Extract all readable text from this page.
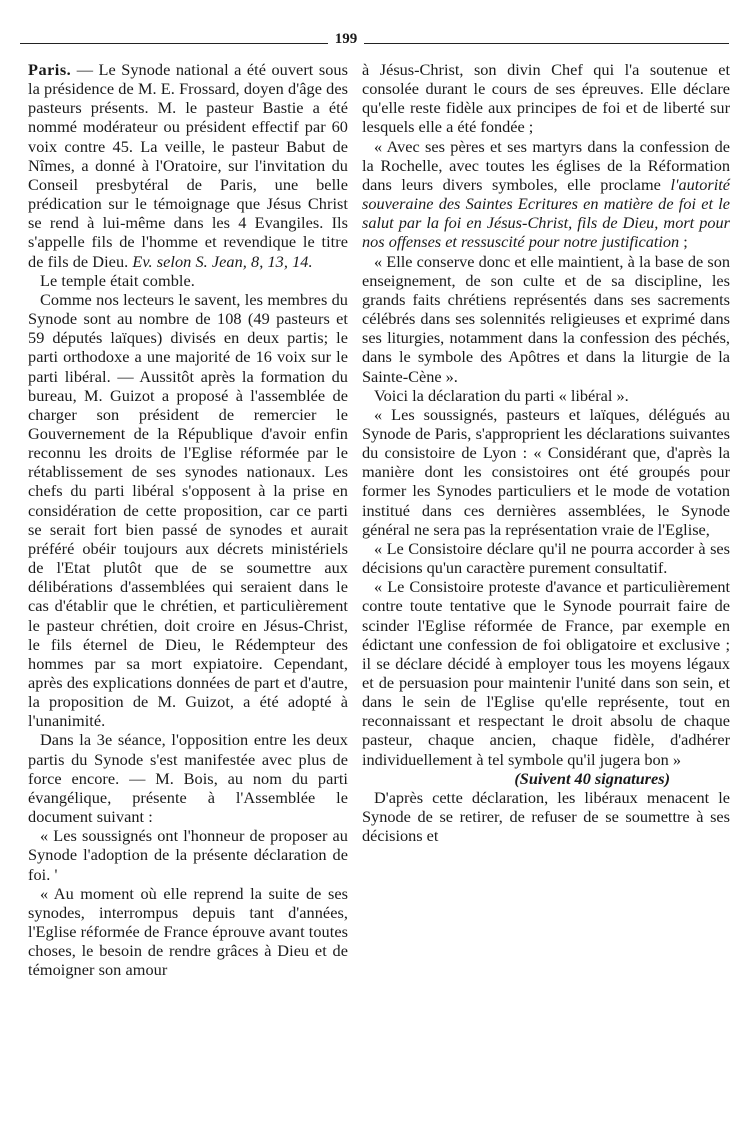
199

Paris. — Le Synode national a été ouvert sous la présidence de M. E. Frossard, doyen d'âge des pasteurs présents. M. le pasteur Bastie a été nommé modérateur ou président effectif par 60 voix contre 45. La veille, le pasteur Babut de Nîmes, a donné à l'Oratoire, sur l'invitation du Conseil presbytéral de Paris, une belle prédication sur le témoignage que Jésus Christ se rend à lui-même dans les 4 Evangiles. Ils s'appelle fils de l'homme et revendique le titre de fils de Dieu. Ev. selon S. Jean, 8, 13, 14.

Le temple était comble.

Comme nos lecteurs le savent, les membres du Synode sont au nombre de 108 (49 pasteurs et 59 députés laïques) divisés en deux partis; le parti orthodoxe a une majorité de 16 voix sur le parti libéral. — Aussitôt après la formation du bureau, M. Guizot a proposé à l'assemblée de charger son président de remercier le Gouvernement de la République d'avoir enfin reconnu les droits de l'Eglise réformée par le rétablissement de ses synodes nationaux. Les chefs du parti libéral s'opposent à la prise en considération de cette proposition, car ce parti se serait fort bien passé de synodes et aurait préféré obéir toujours aux décrets ministériels de l'Etat plutôt que de se soumettre aux délibérations d'assemblées qui seraient dans le cas d'établir que le chrétien, et particulièrement le pasteur chrétien, doit croire en Jésus-Christ, le fils éternel de Dieu, le Rédempteur des hommes par sa mort expiatoire. Cependant, après des explications données de part et d'autre, la proposition de M. Guizot, a été adopté à l'unanimité.

Dans la 3e séance, l'opposition entre les deux partis du Synode s'est manifestée avec plus de force encore. — M. Bois, au nom du parti évangélique, présente à l'Assemblée le document suivant :

« Les soussignés ont l'honneur de proposer au Synode l'adoption de la présente déclaration de foi. '

« Au moment où elle reprend la suite de ses synodes, interrompus depuis tant d'années, l'Eglise réformée de France éprouve avant toutes choses, le besoin de rendre grâces à Dieu et de témoigner son amour

à Jésus-Christ, son divin Chef qui l'a soutenue et consolée durant le cours de ses épreuves. Elle déclare qu'elle reste fidèle aux principes de foi et de liberté sur lesquels elle a été fondée ;

« Avec ses pères et ses martyrs dans la confession de la Rochelle, avec toutes les églises de la Réformation dans leurs divers symboles, elle proclame l'autorité souveraine des Saintes Ecritures en matière de foi et le salut par la foi en Jésus-Christ, fils de Dieu, mort pour nos offenses et ressuscité pour notre justification ;

« Elle conserve donc et elle maintient, à la base de son enseignement, de son culte et de sa discipline, les grands faits chrétiens représentés dans ses sacrements célébrés dans ses solennités religieuses et exprimé dans ses liturgies, notamment dans la confession des péchés, dans le symbole des Apôtres et dans la liturgie de la Sainte-Cène ».

Voici la déclaration du parti « libéral ».

« Les soussignés, pasteurs et laïques, délégués au Synode de Paris, s'approprient les déclarations suivantes du consistoire de Lyon : « Considérant que, d'après la manière dont les consistoires ont été groupés pour former les Synodes particuliers et le mode de votation institué dans ces dernières assemblées, le Synode général ne sera pas la représentation vraie de l'Eglise,

« Le Consistoire déclare qu'il ne pourra accorder à ses décisions qu'un caractère purement consultatif.

« Le Consistoire proteste d'avance et particulièrement contre toute tentative que le Synode pourrait faire de scinder l'Eglise réformée de France, par exemple en édictant une confession de foi obligatoire et exclusive ; il se déclare décidé à employer tous les moyens légaux et de persuasion pour maintenir l'unité dans son sein, et dans le sein de l'Eglise qu'elle représente, tout en reconnaissant et respectant le droit absolu de chaque pasteur, chaque ancien, chaque fidèle, d'adhérer individuellement à tel symbole qu'il jugera bon »

(Suivent 40 signatures)

D'après cette déclaration, les libéraux menacent le Synode de se retirer, de refuser de se soumettre à ses décisions et
